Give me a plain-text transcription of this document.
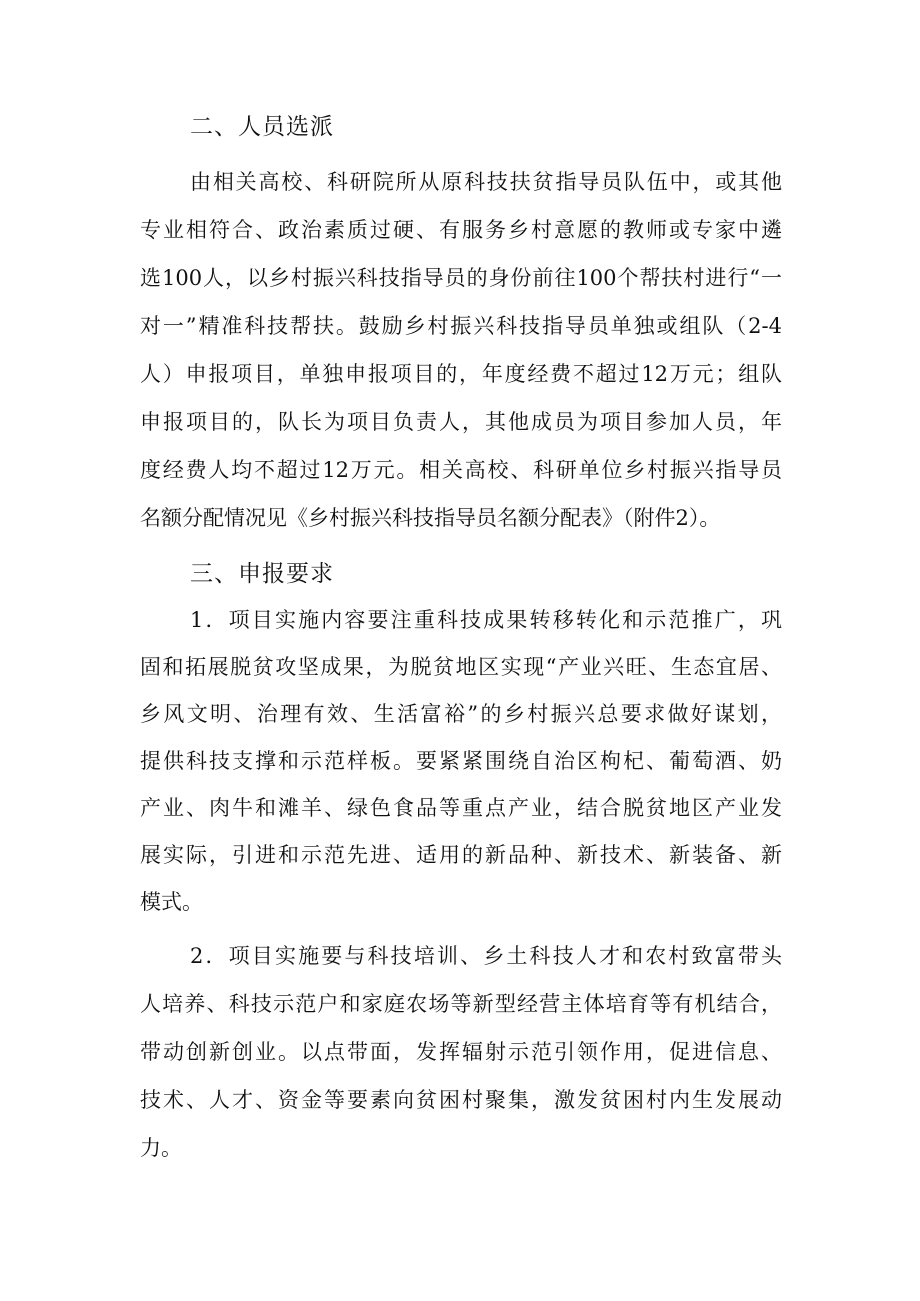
二、人员选派
由相关高校、科研院所从原科技扶贫指导员队伍中，或其他
专业相符合、政治素质过硬、有服务乡村意愿的教师或专家中遴
选100人，以乡村振兴科技指导员的身份前往100个帮扶村进行“一
对一”精准科技帮扶。鼓励乡村振兴科技指导员单独或组队（2-4
人）申报项目，单独申报项目的，年度经费不超过12万元；组队
申报项目的，队长为项目负责人，其他成员为项目参加人员，年
度经费人均不超过12万元。相关高校、科研单位乡村振兴指导员
名额分配情况见《乡村振兴科技指导员名额分配表》（附件2）。
三、申报要求
1．项目实施内容要注重科技成果转移转化和示范推广，巩
固和拓展脱贫攻坚成果，为脱贫地区实现“产业兴旺、生态宜居、
乡风文明、治理有效、生活富裕”的乡村振兴总要求做好谋划，
提供科技支撑和示范样板。要紧紧围绕自治区枸杞、葡萄酒、奶
产业、肉牛和滩羊、绿色食品等重点产业，结合脱贫地区产业发
展实际，引进和示范先进、适用的新品种、新技术、新装备、新
模式。
2．项目实施要与科技培训、乡土科技人才和农村致富带头
人培养、科技示范户和家庭农场等新型经营主体培育等有机结合，
带动创新创业。以点带面，发挥辐射示范引领作用，促进信息、
技术、人才、资金等要素向贫困村聚集，激发贫困村内生发展动
力。
